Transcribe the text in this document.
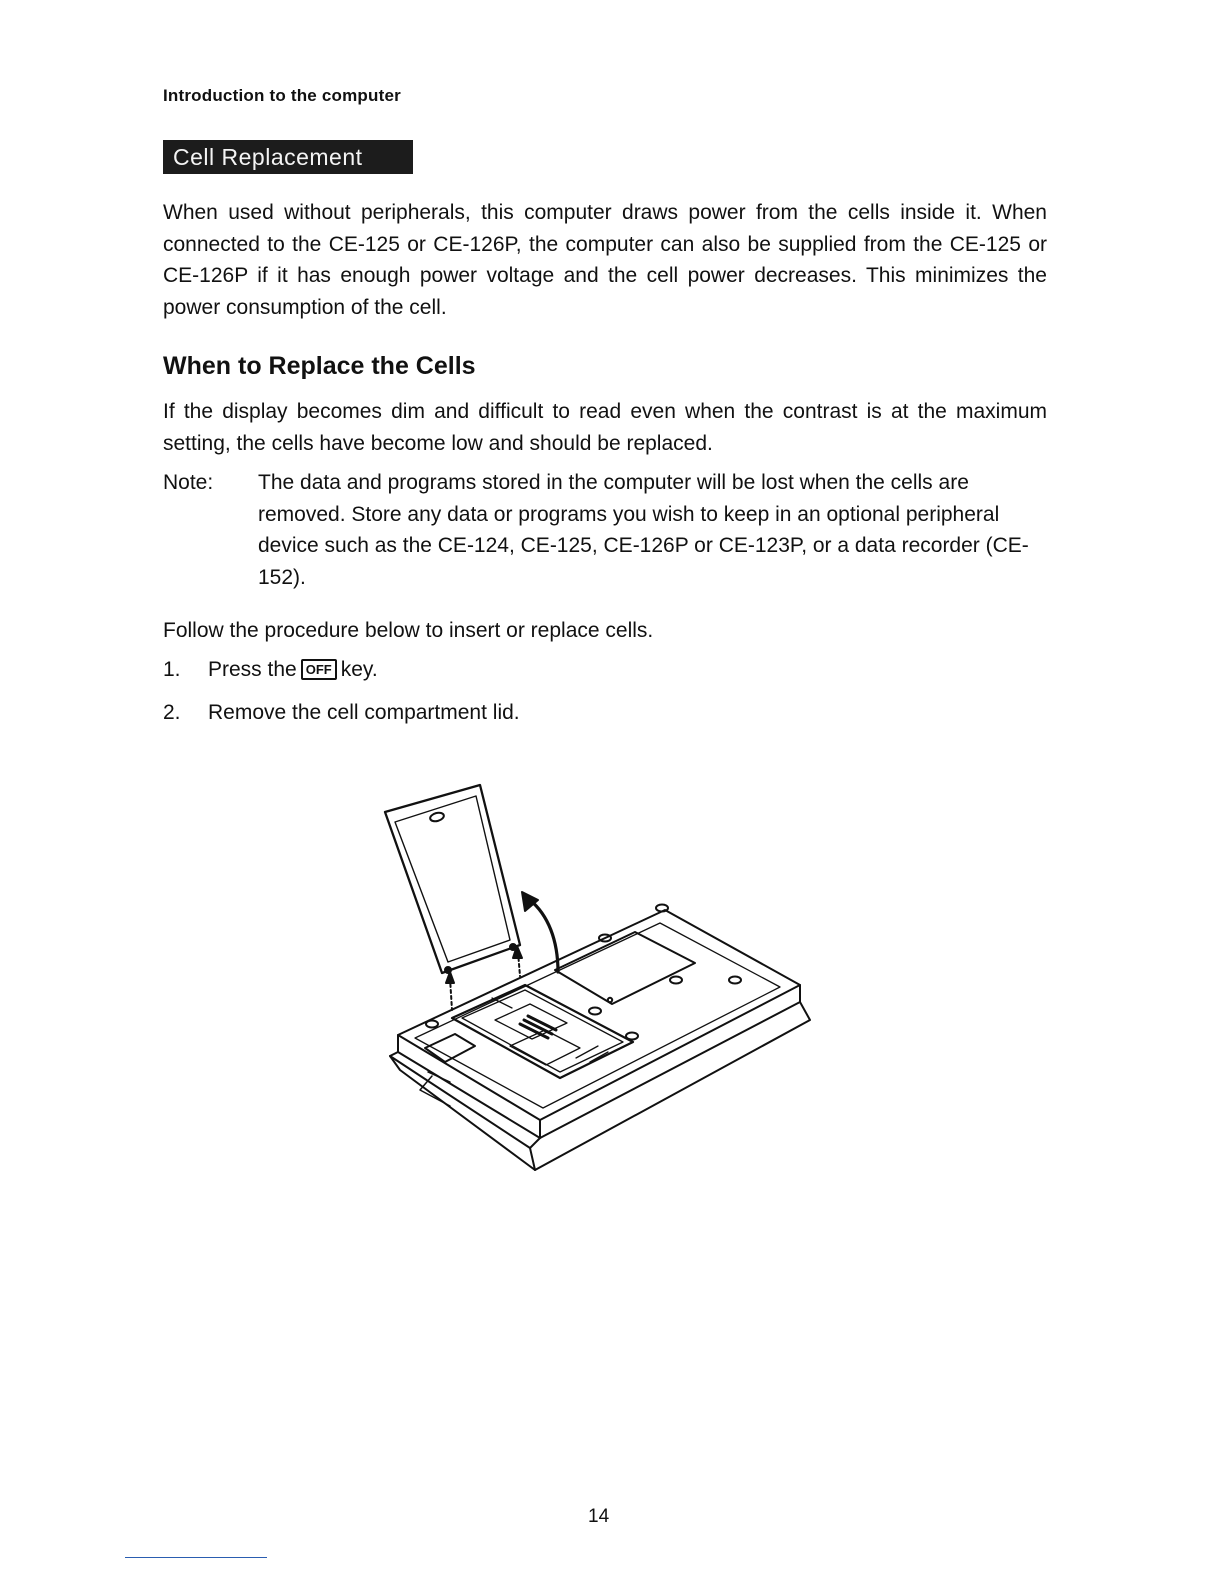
Introduction to the computer
Cell Replacement

When used without peripherals, this computer draws power from the cells inside it. When connected to the CE-125 or CE-126P, the computer can also be supplied from the CE-125 or CE-126P if it has enough power voltage and the cell power decreases. This minimizes the power consumption of the cell.

When to Replace the Cells

If the display becomes dim and difficult to read even when the contrast is at the maximum setting, the cells have become low and should be replaced.

Note: The data and programs stored in the computer will be lost when the cells are removed. Store any data or programs you wish to keep in an optional peripheral device such as the CE-124, CE-125, CE-126P or CE-123P, or a data recorder (CE-152).

Follow the procedure below to insert or replace cells.
1. Press the OFF key.
2. Remove the cell compartment lid.
14
